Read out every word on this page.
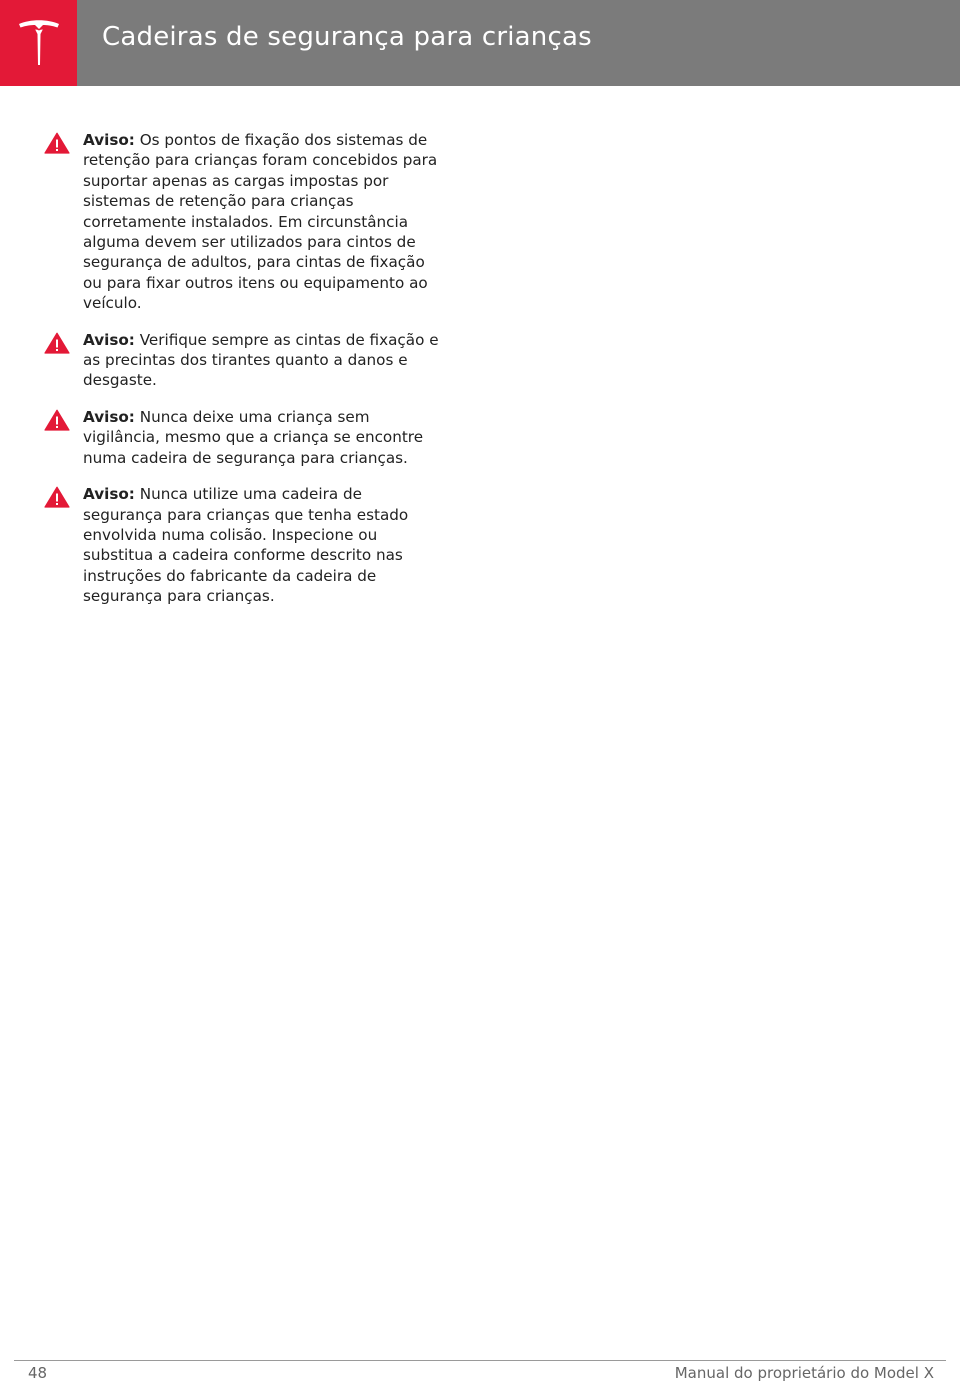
Cadeiras de segurança para crianças
Aviso: Os pontos de fixação dos sistemas de retenção para crianças foram concebidos para suportar apenas as cargas impostas por sistemas de retenção para crianças corretamente instalados. Em circunstância alguma devem ser utilizados para cintos de segurança de adultos, para cintas de fixação ou para fixar outros itens ou equipamento ao veículo.
Aviso: Verifique sempre as cintas de fixação e as precintas dos tirantes quanto a danos e desgaste.
Aviso: Nunca deixe uma criança sem vigilância, mesmo que a criança se encontre numa cadeira de segurança para crianças.
Aviso: Nunca utilize uma cadeira de segurança para crianças que tenha estado envolvida numa colisão. Inspecione ou substitua a cadeira conforme descrito nas instruções do fabricante da cadeira de segurança para crianças.
48	Manual do proprietário do Model X
